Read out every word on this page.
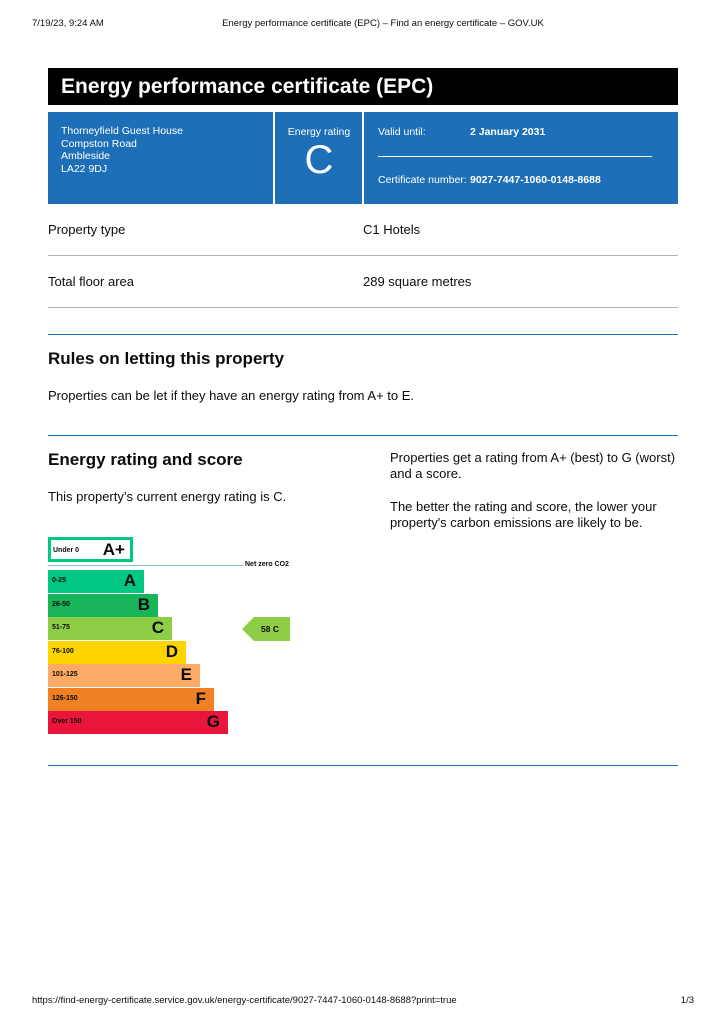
7/19/23, 9:24 AM	Energy performance certificate (EPC) – Find an energy certificate – GOV.UK
Energy performance certificate (EPC)
Thorneyfield Guest House
Compston Road
Ambleside
LA22 9DJ
Energy rating
C
Valid until:	2 January 2031
Certificate number: 9027-7447-1060-0148-8688
Property type	C1 Hotels
Total floor area	289 square metres
Rules on letting this property
Properties can be let if they have an energy rating from A+ to E.
Energy rating and score
This property’s current energy rating is C.
Properties get a rating from A+ (best) to G (worst) and a score.
The better the rating and score, the lower your property's carbon emissions are likely to be.
Under 0 A+
Net zero CO2
0-25	A
26-50	B
51-75	C
76-100	D
101-125	E
126-150	F
Over 150	G
58 C
https://find-energy-certificate.service.gov.uk/energy-certificate/9027-7447-1060-0148-8688?print=true	1/3
